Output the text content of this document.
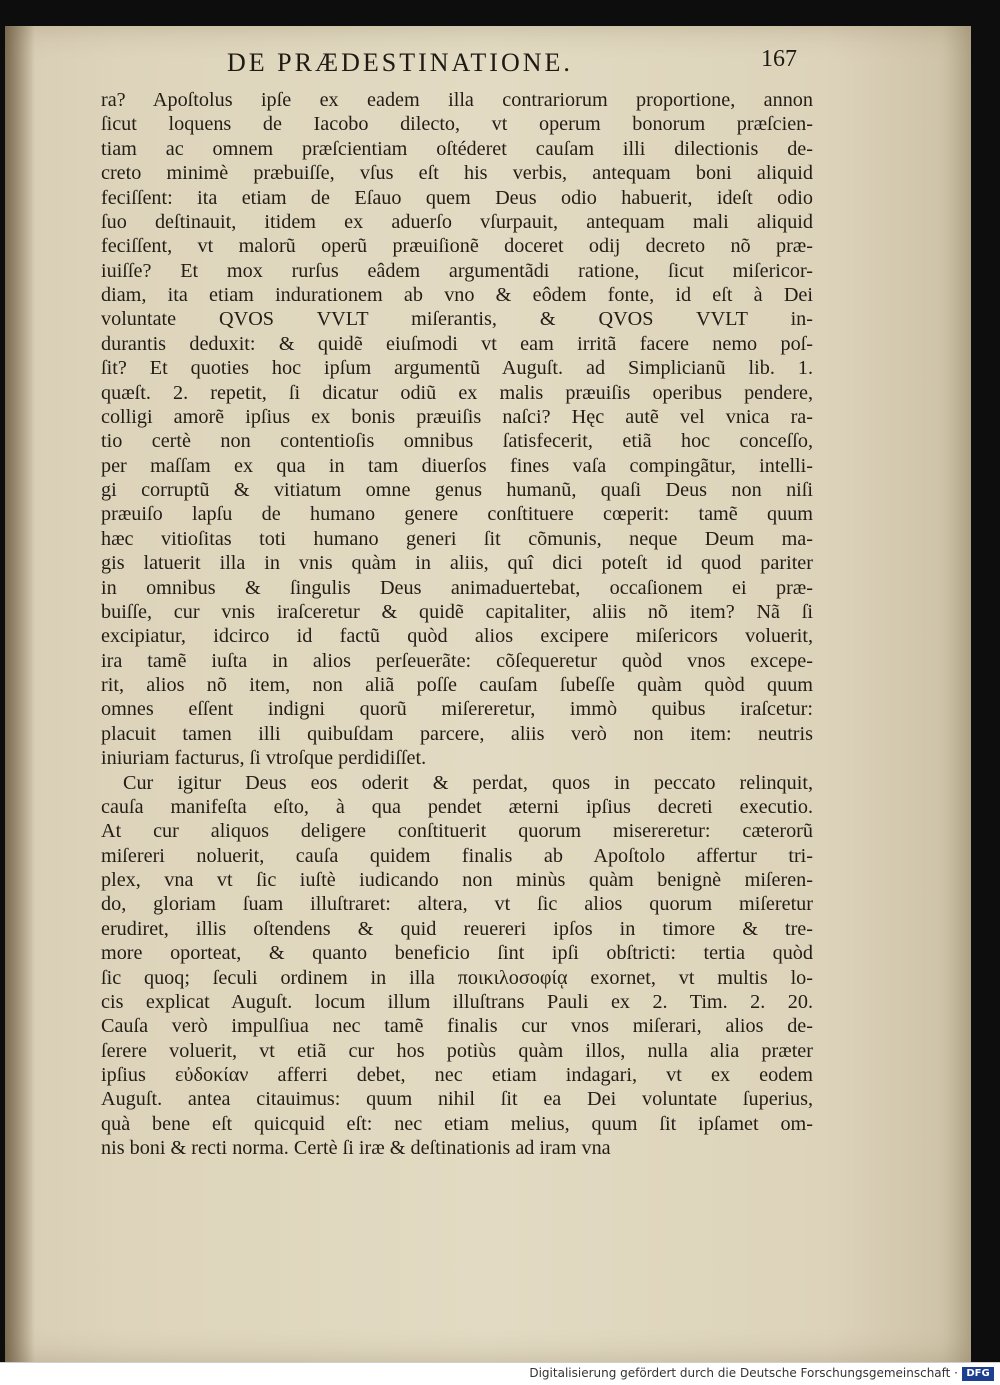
DE PRÆDESTINATIONE.	167
ra? Apoſtolus ipſe ex eadem illa contrariorum proportione, annon
ſicut loquens de Iacobo dilecto, vt operum bonorum præſcien-
tiam ac omnem præſcientiam oſtéderet cauſam illi dilectionis de-
creto minimè præbuiſſe, vſus eſt his verbis, antequam boni aliquid
feciſſent: ita etiam de Eſauo quem Deus odio habuerit, ideſt odio
ſuo deſtinauit, itidem ex aduerſo vſurpauit, antequam mali aliquid
feciſſent, vt malorũ operũ præuiſionẽ doceret odij decreto nõ præ-
iuiſſe? Et mox rurſus eâdem argumentãdi ratione, ſicut miſericor-
diam, ita etiam indurationem ab vno & eôdem fonte, id eſt à Dei
voluntate QVOS VVLT miſerantis, & QVOS VVLT in-
durantis deduxit: & quidẽ eiuſmodi vt eam irritã facere nemo poſ-
ſit? Et quoties hoc ipſum argumentũ Auguſt. ad Simplicianũ lib. 1.
quæſt. 2. repetit, ſi dicatur odiũ ex malis præuiſis operibus pendere,
colligi amorẽ ipſius ex bonis præuiſis naſci? Hęc autẽ vel vnica ra-
tio certè non contentioſis omnibus ſatisfecerit, etiã hoc conceſſo,
per maſſam ex qua in tam diuerſos fines vaſa compingãtur, intelli-
gi corruptũ & vitiatum omne genus humanũ, quaſi Deus non niſi
præuiſo lapſu de humano genere conſtituere cœperit: tamẽ quum
hæc vitioſitas toti humano generi ſit cõmunis, neque Deum ma-
gis latuerit illa in vnis quàm in aliis, quî dici poteſt id quod pariter
in omnibus & ſingulis Deus animaduertebat, occaſionem ei præ-
buiſſe, cur vnis iraſceretur & quidẽ capitaliter, aliis nõ item? Nã ſi
excipiatur, idcirco id factũ quòd alios excipere miſericors voluerit,
ira tamẽ iuſta in alios perſeuerãte: cõſequeretur quòd vnos excepe-
rit, alios nõ item, non aliã poſſe cauſam ſubeſſe quàm quòd quum
omnes eſſent indigni quorũ miſereretur, immò quibus iraſcetur:
placuit tamen illi quibuſdam parcere, aliis verò non item: neutris
iniuriam facturus, ſi vtroſque perdidiſſet.
Cur igitur Deus eos oderit & perdat, quos in peccato relinquit,
cauſa manifeſta eſto, à qua pendet æterni ipſius decreti executio.
At cur aliquos deligere conſtituerit quorum misereretur: cæterorũ
miſereri noluerit, cauſa quidem finalis ab Apoſtolo affertur tri-
plex, vna vt ſic iuſtè iudicando non minùs quàm benignè miſeren-
do, gloriam ſuam illuſtraret: altera, vt ſic alios quorum miſeretur
erudiret, illis oſtendens & quid reuereri ipſos in timore & tre-
more oporteat, & quanto beneficio ſint ipſi obſtricti: tertia quòd
ſic quoq; ſeculi ordinem in illa ποικιλοσοφίᾳ exornet, vt multis lo-
cis explicat Auguſt. locum illum illuſtrans Pauli ex 2. Tim. 2. 20.
Cauſa verò impulſiua nec tamẽ finalis cur vnos miſerari, alios de-
ſerere voluerit, vt etiã cur hos potiùs quàm illos, nulla alia præter
ipſius εὐδοκίαν afferri debet, nec etiam indagari, vt ex eodem
Auguſt. antea citauimus: quum nihil ſit ea Dei voluntate ſuperius,
quà bene eſt quicquid eſt: nec etiam melius, quum ſit ipſamet om-
nis boni & recti norma. Certè ſi iræ & deſtinationis ad iram vna
Digitalisierung gefördert durch die Deutsche Forschungsgemeinschaft · DFG
